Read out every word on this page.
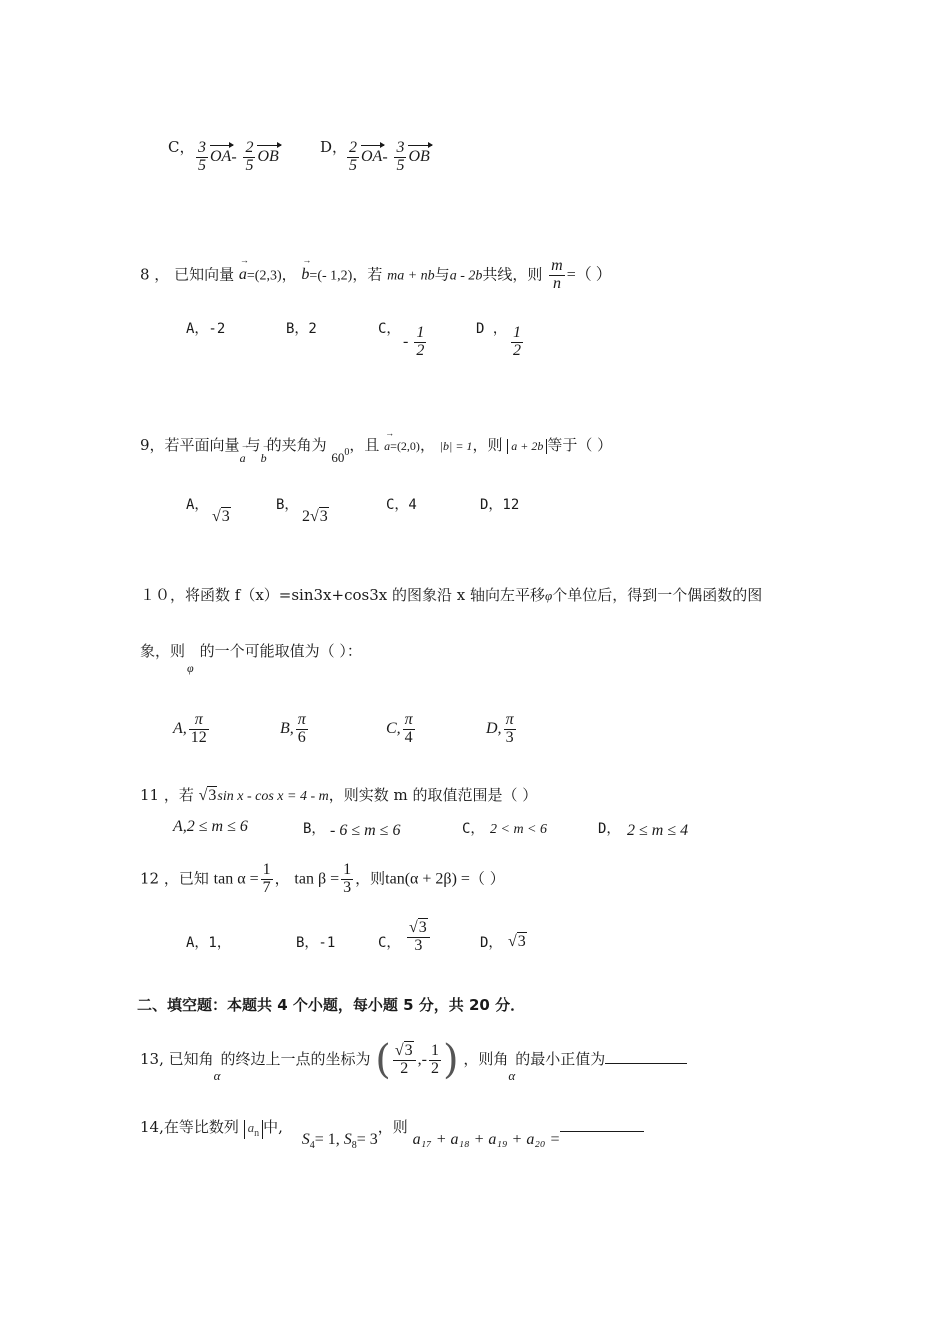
C， $\frac{3}{5} OA- \frac{2}{5}$ OB
D， $\frac{2}{5} OA- \frac{3}{5}$ OB
8 ， 已知向量 a →=(2,3)， b →=(- 1,2)，若 ma + nb与a - 2b共线，则 $\frac{m}{n}$ =（ ）
A，-2	B，2	C，
- $\frac{1}{2}$	D ， $\frac{1}{2}$
9，若平面向量a →与b →的夹角为 $60^0$，且 a →=(2,0)， |b| = 1，则 a + 2b 等于（ ）
A，
√3
B，
2√3
C，4	D，12
１０，将函数 f（x）=sin3x+cos3x 的图象沿 x 轴向左平移φ个单位后，得到一个偶函数的图
象，则$_\varphi$的一个可能取值为（ ）：
A, $\frac{\pi}{12}$	B, $\frac{\pi}{6}$	C, $\frac{\pi}{4}$	D, $\frac{\pi}{3}$
11 ，若 √3sin x - cos x = 4 - m，则实数 m 的取值范围是（ ）
A,2 ≤ m ≤ 6	B， - 6 ≤ m ≤ 6	C， 2 < m < 6	D， 2 ≤ m ≤ 4
12 ，已知 $\tan \alpha = \frac{1}{7}$ ， $\tan \beta = \frac{1}{3}$ ，则tan(α + 2β) =（ ）
A，1，	B，-1	C， $\frac{√3}{3}$	D， √3
二、填空题：本题共 4 个小题，每小题 5 分，共 20 分．
13, 已知角α的终边上一点的坐标为 ( $\frac{√3}{2}$ ,- $\frac{1}{2}$ ) ，则角α的最小正值为
14,在等比数列 $a_n$ 中, $S_4= 1$, $S_8= 3$，则 a₁₇ + a₁₈ + a₁₉ + a₂₀ =
